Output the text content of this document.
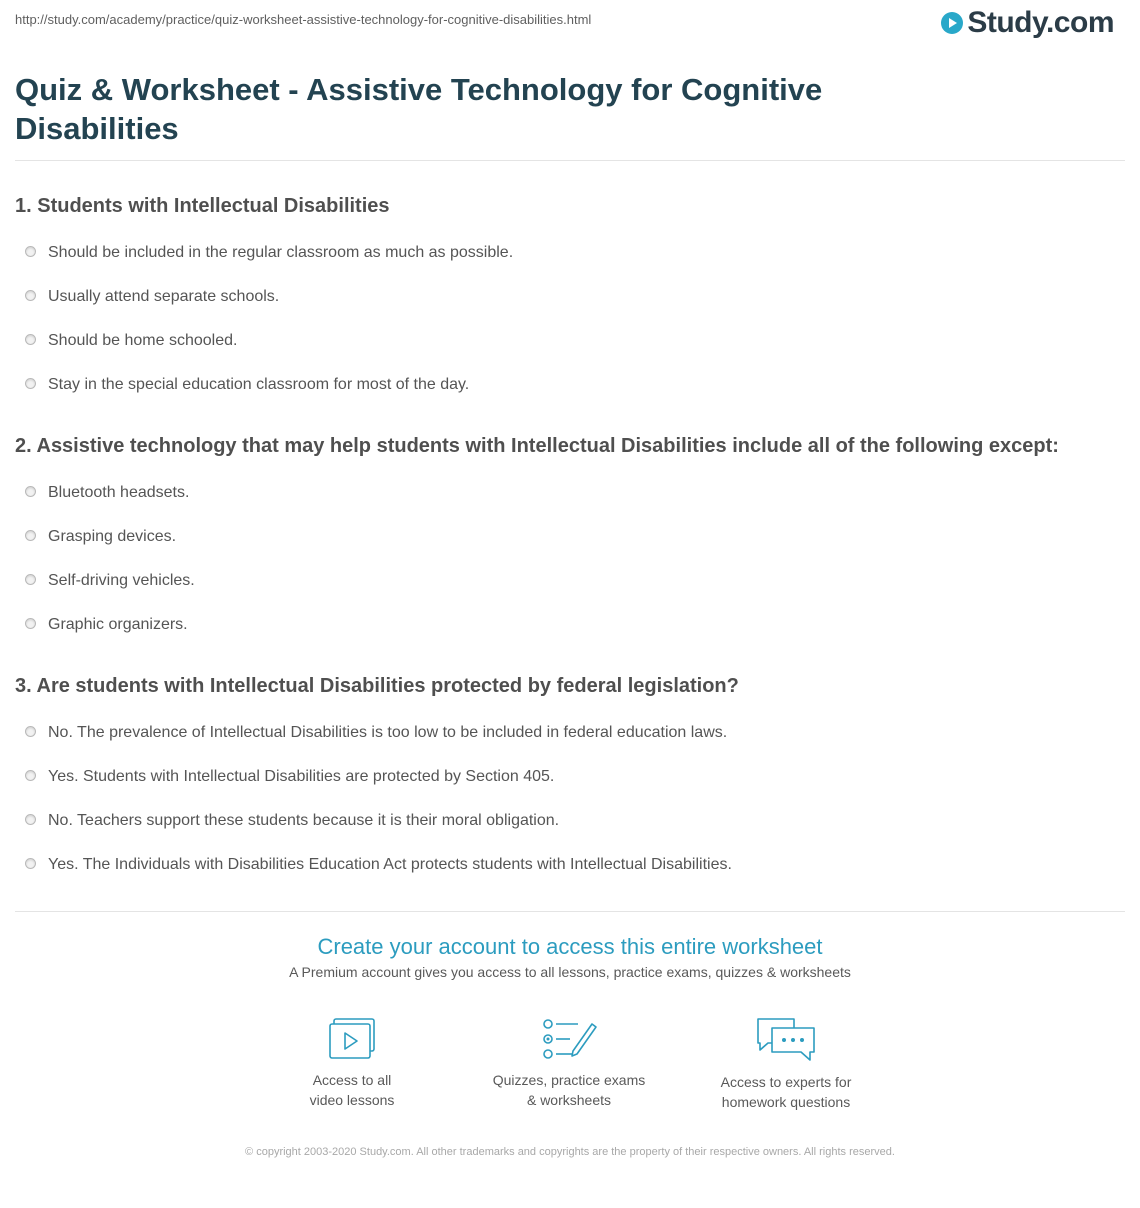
http://study.com/academy/practice/quiz-worksheet-assistive-technology-for-cognitive-disabilities.html	Study.com
Quiz & Worksheet - Assistive Technology for Cognitive Disabilities
1. Students with Intellectual Disabilities
Should be included in the regular classroom as much as possible.
Usually attend separate schools.
Should be home schooled.
Stay in the special education classroom for most of the day.
2. Assistive technology that may help students with Intellectual Disabilities include all of the following except:
Bluetooth headsets.
Grasping devices.
Self-driving vehicles.
Graphic organizers.
3. Are students with Intellectual Disabilities protected by federal legislation?
No. The prevalence of Intellectual Disabilities is too low to be included in federal education laws.
Yes. Students with Intellectual Disabilities are protected by Section 405.
No. Teachers support these students because it is their moral obligation.
Yes. The Individuals with Disabilities Education Act protects students with Intellectual Disabilities.
Create your account to access this entire worksheet
A Premium account gives you access to all lessons, practice exams, quizzes & worksheets
Access to all
video lessons
Quizzes, practice exams
& worksheets
Access to experts for
homework questions
© copyright 2003-2020 Study.com. All other trademarks and copyrights are the property of their respective owners. All rights reserved.
